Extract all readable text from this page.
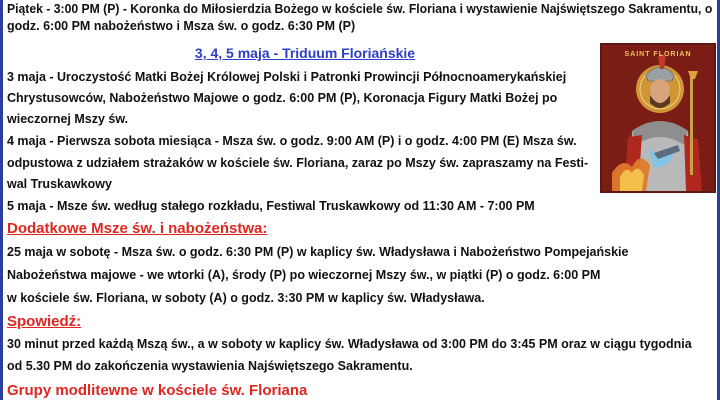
Piątek - 3:00 PM (P) - Koronka do Miłosierdzia Bożego w kościele św. Floriana i wystawienie Najświętszego Sakramentu, o
godz. 6:00 PM nabożeństwo i Msza św. o godz. 6:30 PM (P)
3, 4, 5 maja - Triduum Floriańskie	SAINT FLORIAN
3 maja - Uroczystość Matki Bożej Królowej Polski i Patronki Prowincji Północnoamerykańskiej
Chrystusowców, Nabożeństwo Majowe o godz. 6:00 PM (P), Koronacja Figury Matki Bożej po
wieczornej Mszy św.
4 maja - Pierwsza sobota miesiąca - Msza św. o godz. 9:00 AM (P) i o godz. 4:00 PM (E) Msza św.
odpustowa z udziałem strażaków w kościele św. Floriana, zaraz po Mszy św. zapraszamy na Festi-
wal Truskawkowy
5 maja - Msze św. według stałego rozkładu, Festiwal Truskawkowy od 11:30 AM - 7:00 PM
Dodatkowe Msze św. i nabożeństwa:
25 maja w sobotę - Msza św. o godz. 6:30 PM (P) w kaplicy św. Władysława i Nabożeństwo Pompejańskie
Nabożeństwa majowe - we wtorki (A), środy (P) po wieczornej Mszy św., w piątki (P) o godz. 6:00 PM
w kościele św. Floriana, w soboty (A) o godz. 3:30 PM w kaplicy św. Władysława.
Spowiedź:
30 minut przed każdą Mszą św., a w soboty w kaplicy św. Władysława od 3:00 PM do 3:45 PM oraz w ciągu tygodnia
od 5.30 PM do zakończenia wystawienia Najświętszego Sakramentu.
Grupy modlitewne w kościele św. Floriana
